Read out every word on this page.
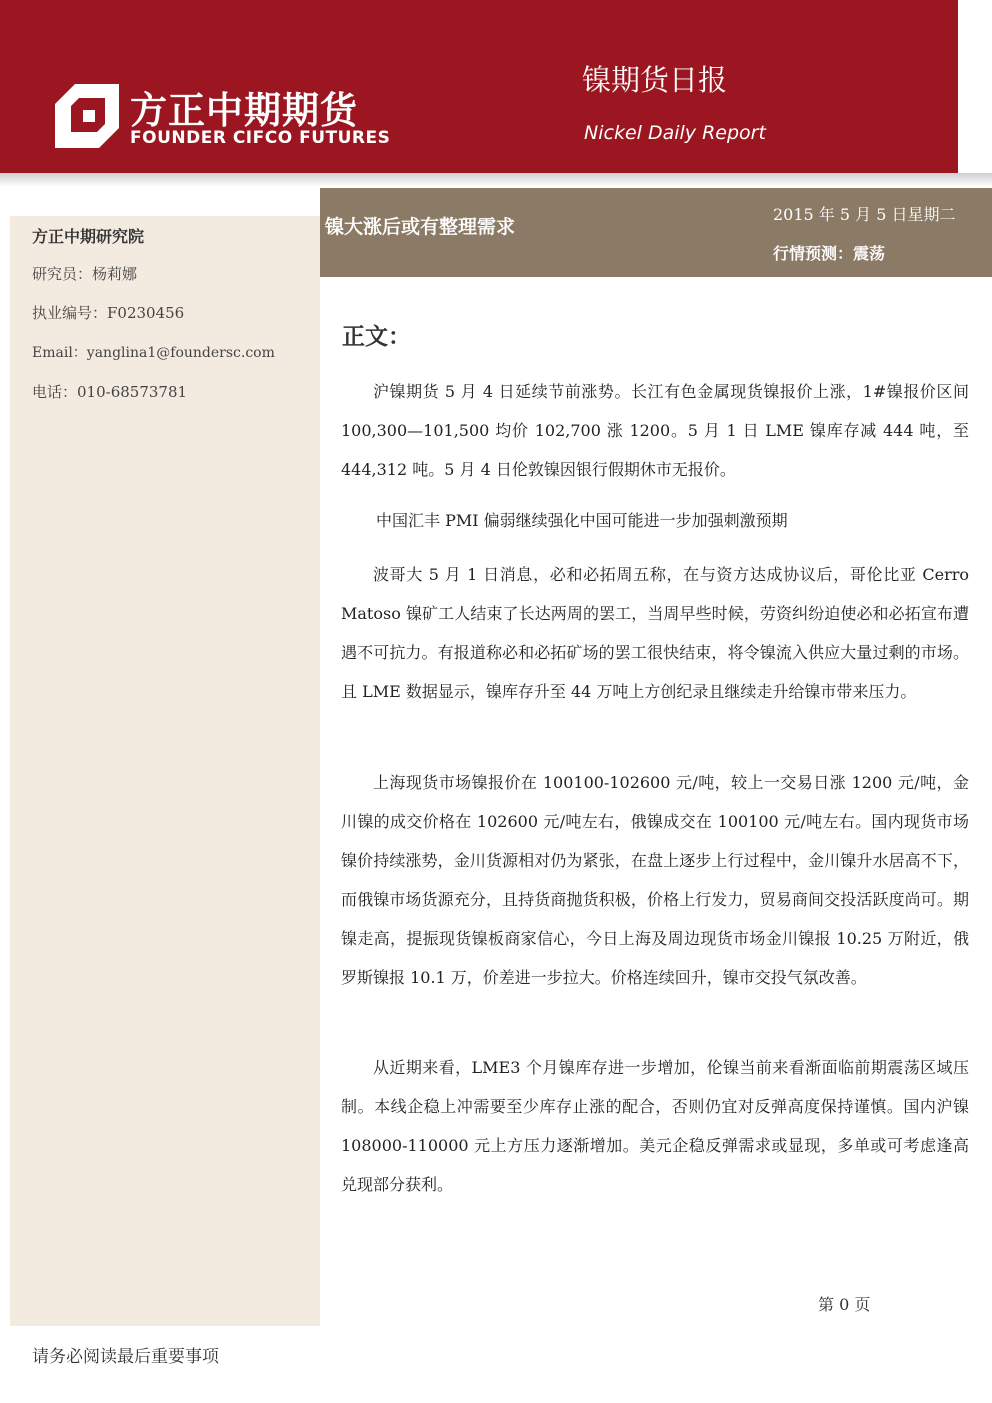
方正中期期货
FOUNDER CIFCO FUTURES
镍期货日报
Nickel Daily Report
方正中期研究院
研究员：杨莉娜
执业编号：F0230456
Email：yanglina1@foundersc.com
电话：010-68573781
镍大涨后或有整理需求
2015 年 5 月 5 日星期二
行情预测：震荡
正文：

沪镍期货 5 月 4 日延续节前涨势。长江有色金属现货镍报价上涨，1#镍报价区间 100,300—101,500 均价 102,700 涨 1200。5 月 1 日 LME 镍库存减 444 吨，至 444,312 吨。5 月 4 日伦敦镍因银行假期休市无报价。

中国汇丰 PMI 偏弱继续强化中国可能进一步加强刺激预期

波哥大 5 月 1 日消息，必和必拓周五称，在与资方达成协议后，哥伦比亚 Cerro Matoso 镍矿工人结束了长达两周的罢工，当周早些时候，劳资纠纷迫使必和必拓宣布遭遇不可抗力。有报道称必和必拓矿场的罢工很快结束，将令镍流入供应大量过剩的市场。且 LME 数据显示，镍库存升至 44 万吨上方创纪录且继续走升给镍市带来压力。

上海现货市场镍报价在 100100-102600 元/吨，较上一交易日涨 1200 元/吨，金川镍的成交价格在 102600 元/吨左右，俄镍成交在 100100 元/吨左右。国内现货市场镍价持续涨势，金川货源相对仍为紧张，在盘上逐步上行过程中，金川镍升水居高不下，而俄镍市场货源充分，且持货商抛货积极，价格上行发力，贸易商间交投活跃度尚可。期镍走高，提振现货镍板商家信心，今日上海及周边现货市场金川镍报 10.25 万附近，俄罗斯镍报 10.1 万，价差进一步拉大。价格连续回升，镍市交投气氛改善。

从近期来看，LME3 个月镍库存进一步增加，伦镍当前来看渐面临前期震荡区域压制。本线企稳上冲需要至少库存止涨的配合，否则仍宜对反弹高度保持谨慎。国内沪镍 108000-110000 元上方压力逐渐增加。美元企稳反弹需求或显现，多单或可考虑逢高兑现部分获利。

第 0 页
请务必阅读最后重要事项
